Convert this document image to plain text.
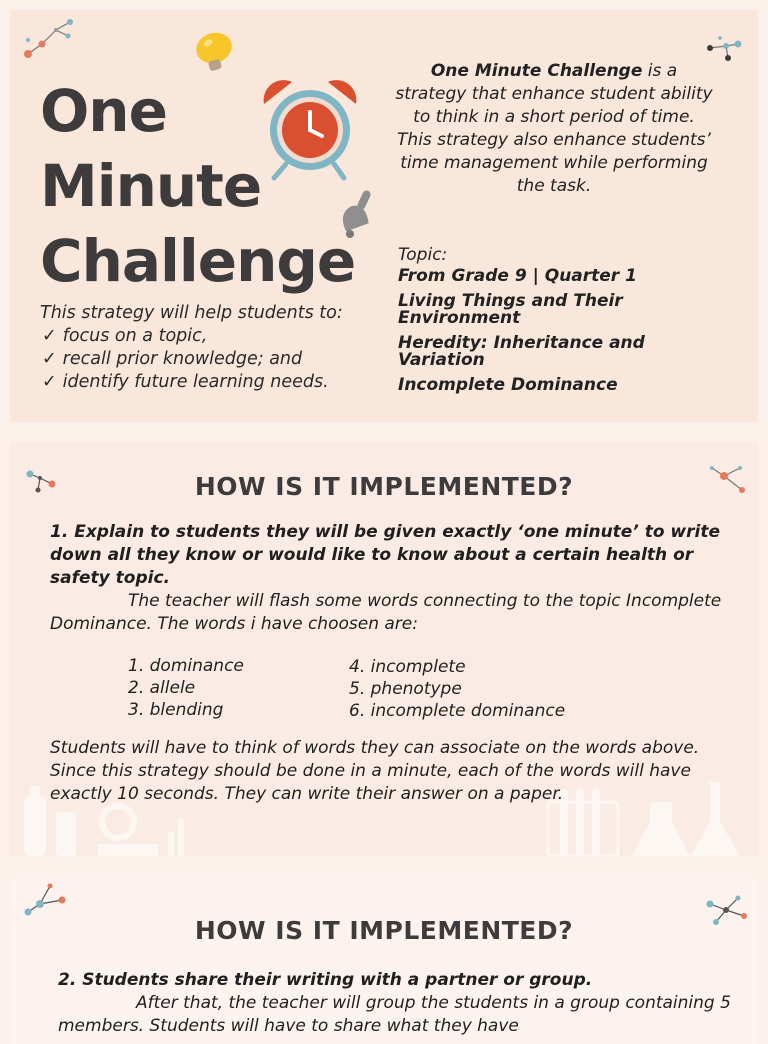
One
Minute
Challenge
This strategy will help students to:
✓ focus on a topic,
✓ recall prior knowledge; and
✓ identify future learning needs.
One Minute Challenge is a strategy that enhance student ability to think in a short period of time. This strategy also enhance students’ time management while performing the task.
Topic:
From Grade 9 | Quarter 1
Living Things and Their Environment
Heredity: Inheritance and Variation
Incomplete Dominance
HOW IS IT IMPLEMENTED?
1. Explain to students they will be given exactly ‘one minute’ to write down all they know or would like to know about a certain health or safety topic.
The teacher will flash some words connecting to the topic Incomplete Dominance. The words i have choosen are:
1. dominance
2. allele
3. blending
4. incomplete
5. phenotype
6. incomplete dominance
Students will have to think of words they can associate on the words above. Since this strategy should be done in a minute, each of the words will have exactly 10 seconds. They can write their answer on a paper.
HOW IS IT IMPLEMENTED?
2. Students share their writing with a partner or group.
After that, the teacher will group the students in a group containing 5 members. Students will have to share what they have
